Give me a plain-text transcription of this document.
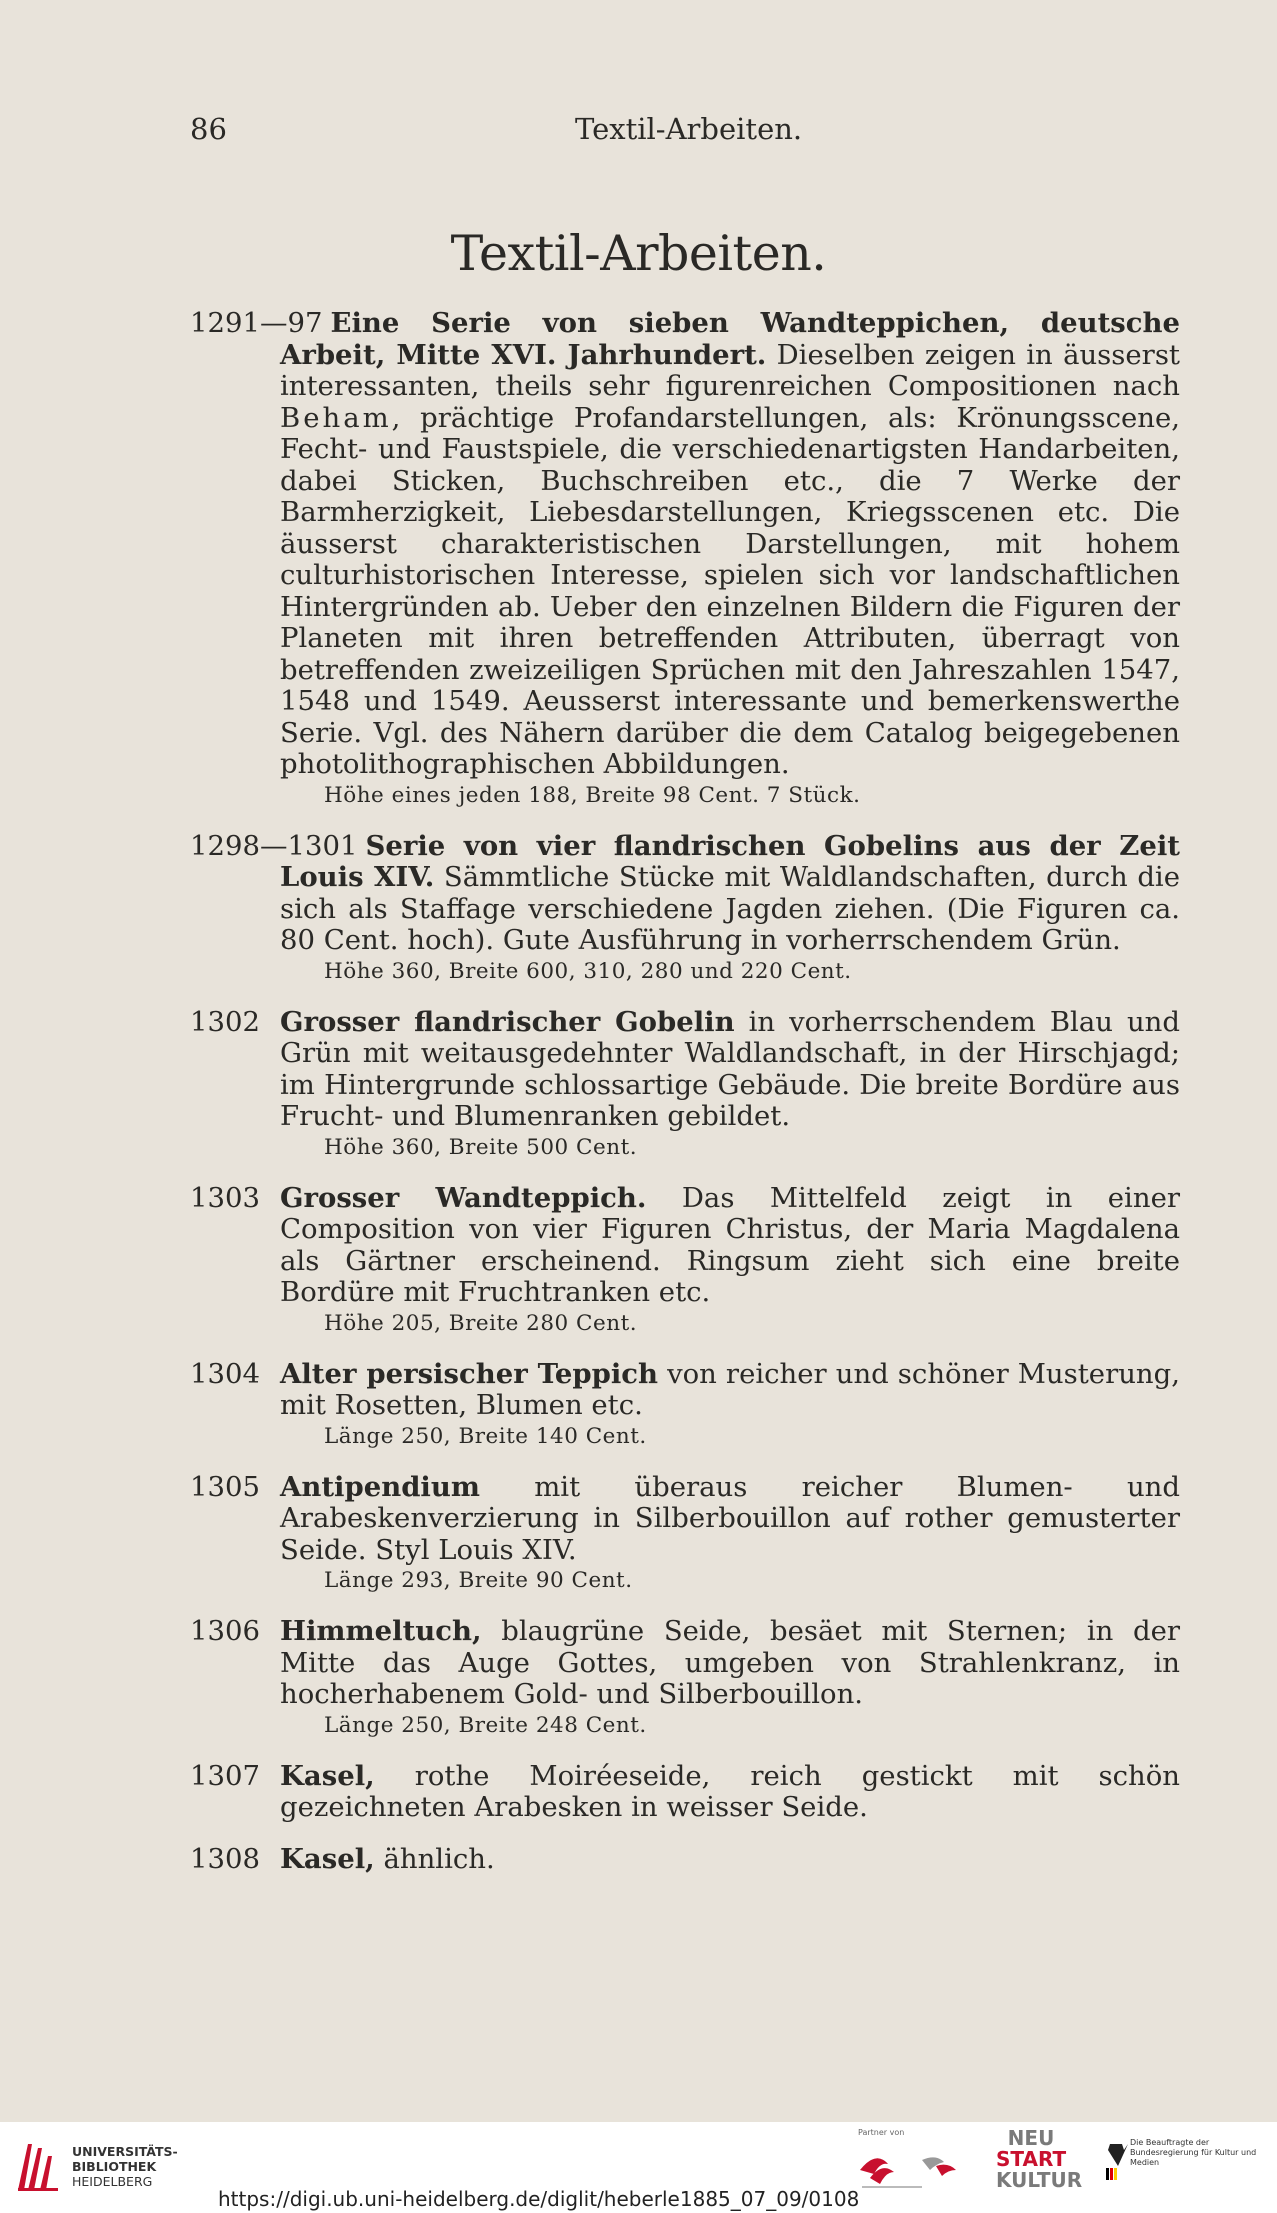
86	Textil-Arbeiten.
Textil-Arbeiten.
1291—97 Eine Serie von sieben Wandteppichen, deutsche Arbeit, Mitte XVI. Jahrhundert. Dieselben zeigen in äusserst interessanten, theils sehr figurenreichen Compositionen nach Beham, prächtige Profandarstellungen, als: Krönungsscene, Fecht- und Faustspiele, die verschiedenartigsten Handarbeiten, dabei Sticken, Buchschreiben etc., die 7 Werke der Barmherzigkeit, Liebesdarstellungen, Kriegsscenen etc. Die äusserst charakteristischen Darstellungen, mit hohem culturhistorischen Interesse, spielen sich vor landschaftlichen Hintergründen ab. Ueber den einzelnen Bildern die Figuren der Planeten mit ihren betreffenden Attributen, überragt von betreffenden zweizeiligen Sprüchen mit den Jahreszahlen 1547, 1548 und 1549. Aeusserst interessante und bemerkenswerthe Serie. Vgl. des Nähern darüber die dem Catalog beigegebenen photolithographischen Abbildungen.
Höhe eines jeden 188, Breite 98 Cent. 7 Stück.
1298—1301 Serie von vier flandrischen Gobelins aus der Zeit Louis XIV. Sämmtliche Stücke mit Waldlandschaften, durch die sich als Staffage verschiedene Jagden ziehen. (Die Figuren ca. 80 Cent. hoch). Gute Ausführung in vorherrschendem Grün.
Höhe 360, Breite 600, 310, 280 und 220 Cent.
1302 Grosser flandrischer Gobelin in vorherrschendem Blau und Grün mit weitausgedehnter Waldlandschaft, in der Hirschjagd; im Hintergrunde schlossartige Gebäude. Die breite Bordüre aus Frucht- und Blumenranken gebildet.
Höhe 360, Breite 500 Cent.
1303 Grosser Wandteppich. Das Mittelfeld zeigt in einer Composition von vier Figuren Christus, der Maria Magdalena als Gärtner erscheinend. Ringsum zieht sich eine breite Bordüre mit Fruchtranken etc.
Höhe 205, Breite 280 Cent.
1304 Alter persischer Teppich von reicher und schöner Musterung, mit Rosetten, Blumen etc.
Länge 250, Breite 140 Cent.
1305 Antipendium mit überaus reicher Blumen- und Arabeskenverzierung in Silberbouillon auf rother gemusterter Seide. Styl Louis XIV.
Länge 293, Breite 90 Cent.
1306 Himmeltuch, blaugrüne Seide, besäet mit Sternen; in der Mitte das Auge Gottes, umgeben von Strahlenkranz, in hocherhabenem Gold- und Silberbouillon.
Länge 250, Breite 248 Cent.
1307 Kasel, rothe Moiréeseide, reich gestickt mit schön gezeichneten Arabesken in weisser Seide.
1308 Kasel, ähnlich.
UNIVERSITÄTS-
BIBLIOTHEK
HEIDELBERG
Partner von	NEU
START
KULTUR
Die Beauftragte der Bundesregierung für Kultur und Medien
https://digi.ub.uni-heidelberg.de/diglit/heberle1885_07_09/0108
